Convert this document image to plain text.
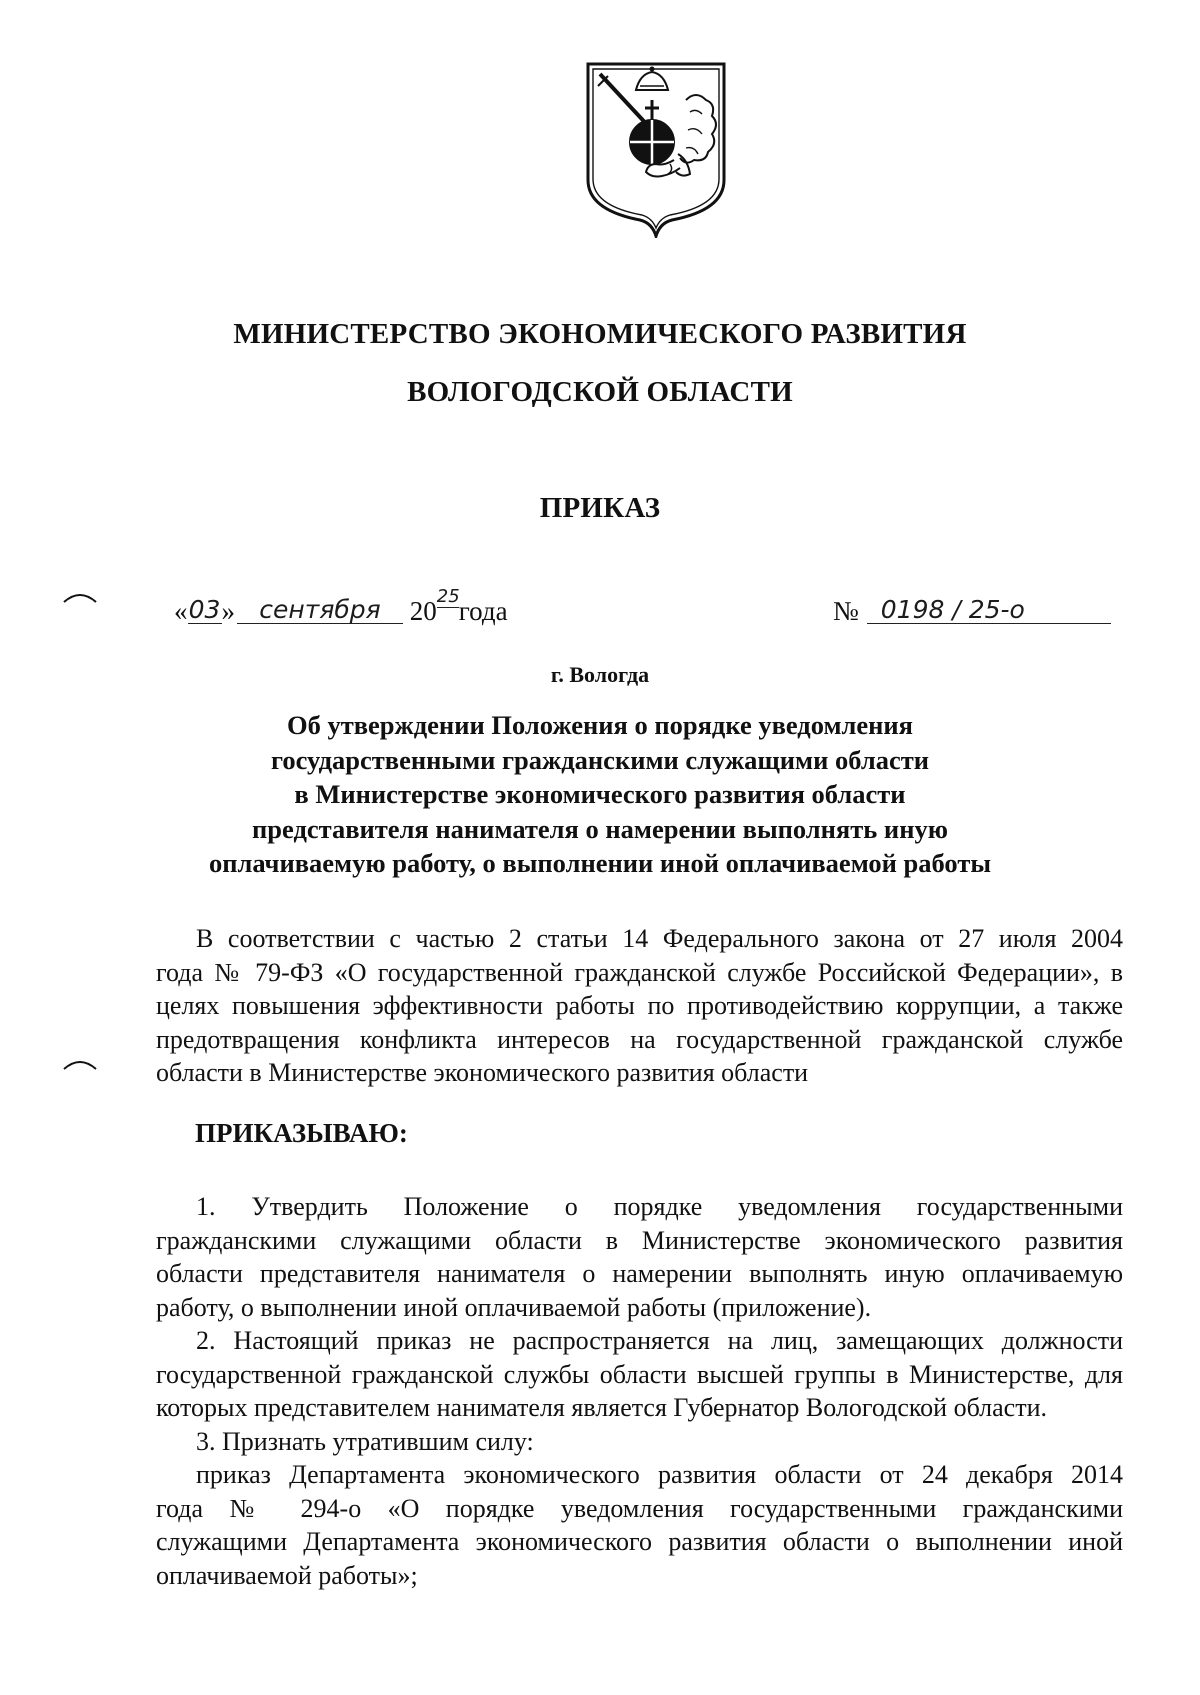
МИНИСТЕРСТВО ЭКОНОМИЧЕСКОГО РАЗВИТИЯ
ВОЛОГОДСКОЙ ОБЛАСТИ
ПРИКАЗ
«03» сентября 2025года	№ 0198 / 25-о
г. Вологда
Об утверждении Положения о порядке уведомления
государственными гражданскими служащими области
в Министерстве экономического развития области
представителя нанимателя о намерении выполнять иную
оплачиваемую работу, о выполнении иной оплачиваемой работы
В соответствии с частью 2 статьи 14 Федерального закона от 27 июля 2004
года № 79-ФЗ «О государственной гражданской службе Российской Федерации», в
целях повышения эффективности работы по противодействию коррупции, а также
предотвращения конфликта интересов на государственной гражданской службе
области в Министерстве экономического развития области
ПРИКАЗЫВАЮ:
1. Утвердить Положение о порядке уведомления государственными
гражданскими служащими области в Министерстве экономического развития
области представителя нанимателя о намерении выполнять иную оплачиваемую
работу, о выполнении иной оплачиваемой работы (приложение).
2. Настоящий приказ не распространяется на лиц, замещающих должности
государственной гражданской службы области высшей группы в Министерстве, для
которых представителем нанимателя является Губернатор Вологодской области.
3. Признать утратившим силу:
приказ Департамента экономического развития области от 24 декабря 2014
года № 294-о «О порядке уведомления государственными гражданскими
служащими Департамента экономического развития области о выполнении иной
оплачиваемой работы»;
